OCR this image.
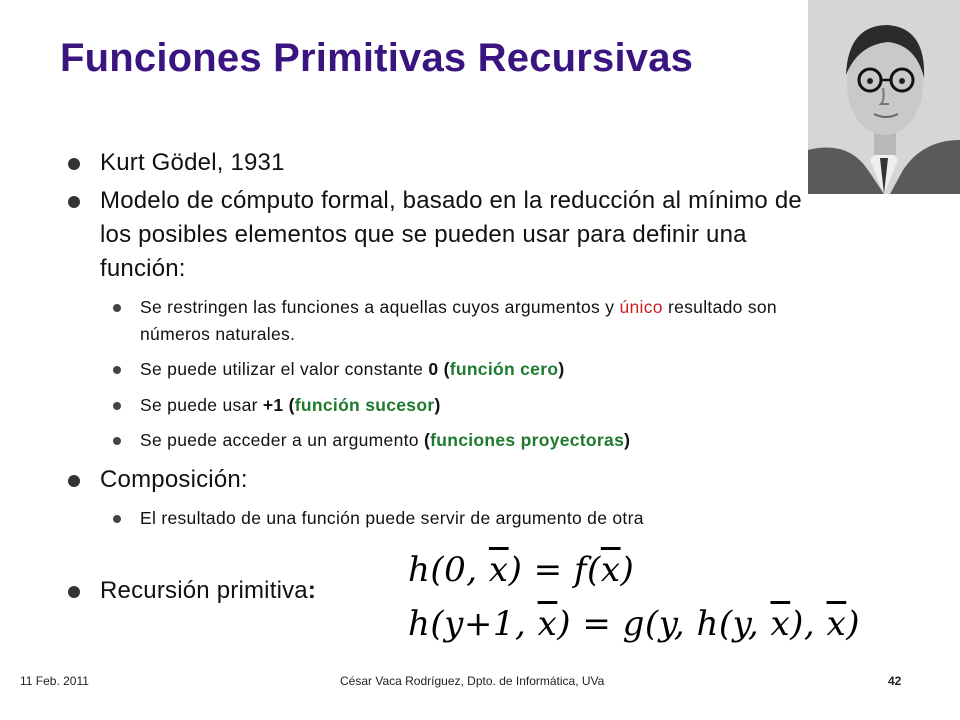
Funciones Primitivas Recursivas
Kurt Gödel, 1931
Modelo de cómputo formal, basado en la reducción al mínimo de los posibles elementos que se pueden usar para definir una función:
Se restringen las funciones a aquellas cuyos argumentos y único resultado son números naturales.
Se puede utilizar el valor constante 0 (función cero)
Se puede usar +1 (función sucesor)
Se puede acceder a un argumento (funciones proyectoras)
Composición:
El resultado de una función puede servir de argumento de otra
Recursión primitiva:
h(0, $\overline{x}) = f(\overline{x})$
h(y+1, $\overline{x}) = g(y$, h(y, $\overline{x}$), $\overline{x}$)
11 Feb. 2011	César Vaca Rodríguez, Dpto. de Informática, UVa	42
